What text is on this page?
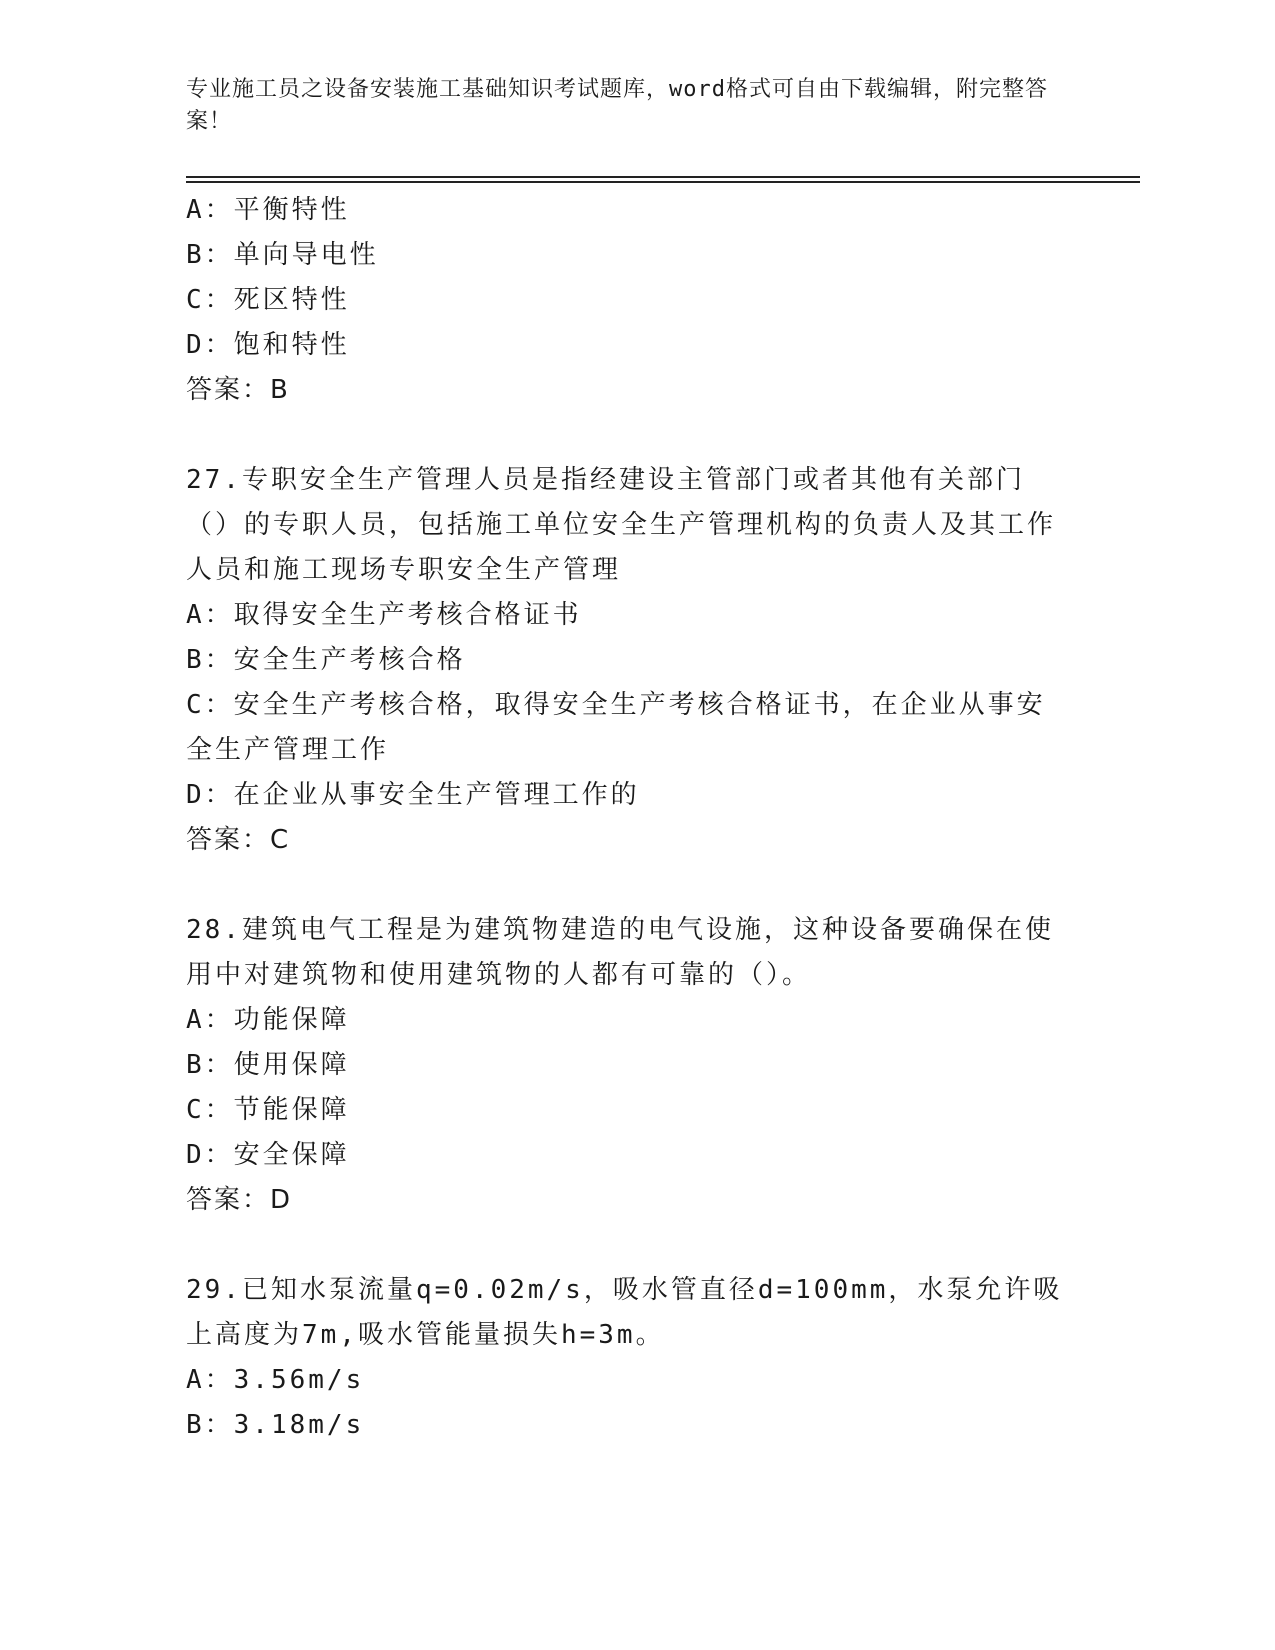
专业施工员之设备安装施工基础知识考试题库，word格式可自由下载编辑，附完整答案！
A：平衡特性
B：单向导电性
C：死区特性
D：饱和特性
答案：B
27.专职安全生产管理人员是指经建设主管部门或者其他有关部门（）的专职人员，包括施工单位安全生产管理机构的负责人及其工作人员和施工现场专职安全生产管理
A：取得安全生产考核合格证书
B：安全生产考核合格
C：安全生产考核合格，取得安全生产考核合格证书，在企业从事安全生产管理工作
D：在企业从事安全生产管理工作的
答案：C
28.建筑电气工程是为建筑物建造的电气设施，这种设备要确保在使用中对建筑物和使用建筑物的人都有可靠的（）。
A：功能保障
B：使用保障
C：节能保障
D：安全保障
答案：D
29.已知水泵流量q=0.02m/s，吸水管直径d=100mm，水泵允许吸上高度为7m,吸水管能量损失h=3m。
A：3.56m/s
B：3.18m/s
